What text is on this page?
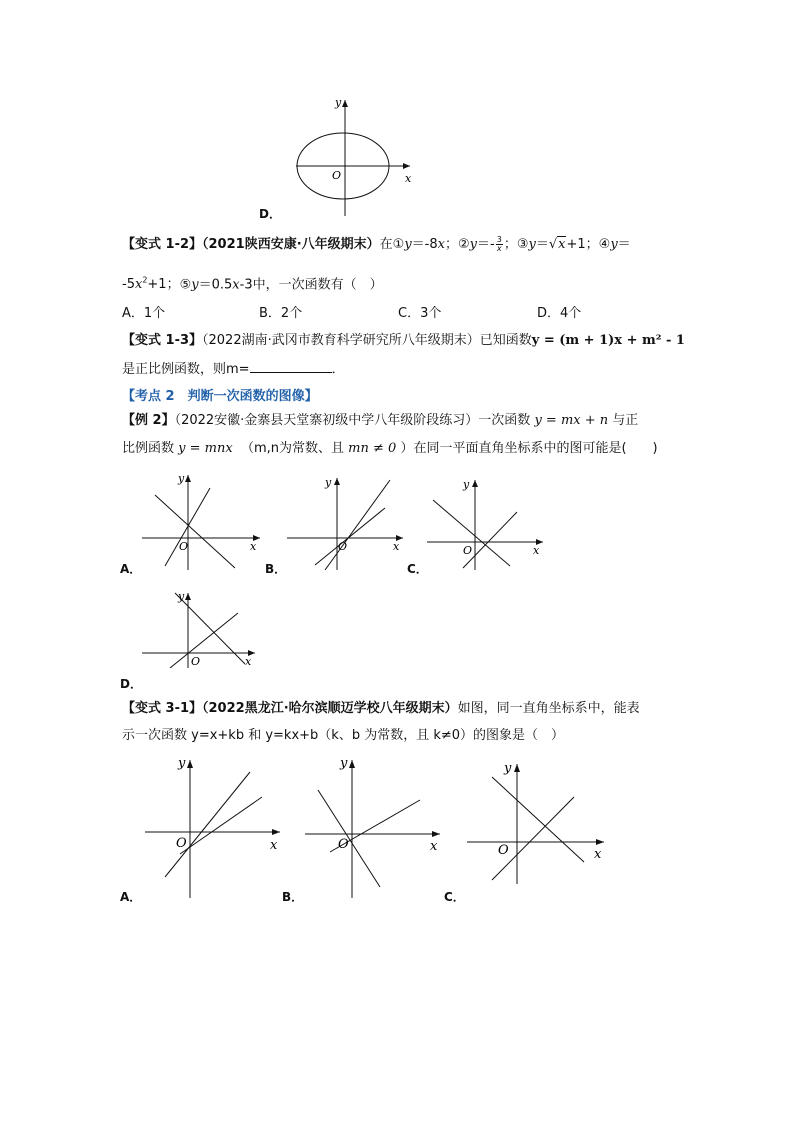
y
x
O
D．
【变式 1-2】（2021陕西安康·八年级期末）在①y＝-8x；②y＝- $\frac{3}{x}$ ；③y＝√x+1；④y＝
$-5x^2+1$；⑤y＝0.5x-3中，一次函数有（　）
A．1个	B．2个	C．3个	D．4个
【变式 1-3】（2022湖南·武冈市教育科学研究所八年级期末）已知函数y = (m + 1)x + m² - 1
是正比例函数，则m=	．
【考点 2　判断一次函数的图像】
【例 2】（2022安徽·金寨县天堂寨初级中学八年级阶段练习）一次函数 y = mx + n 与正
比例函数 y = mnx （m,n为常数、且 mn ≠ 0 ）在同一平面直角坐标系中的图可能是(　　)
y
x
O
A．
y
x
O
B．
y
x
O
C．
y
x
O
D．
【变式 3-1】（2022黑龙江·哈尔滨顺迈学校八年级期末）如图，同一直角坐标系中，能表
示一次函数 y=x+kb 和 y=kx+b（k、b 为常数，且 k≠0）的图象是（　）
y
x
O
A．
y
x
O
B．
y
x
O
C．
